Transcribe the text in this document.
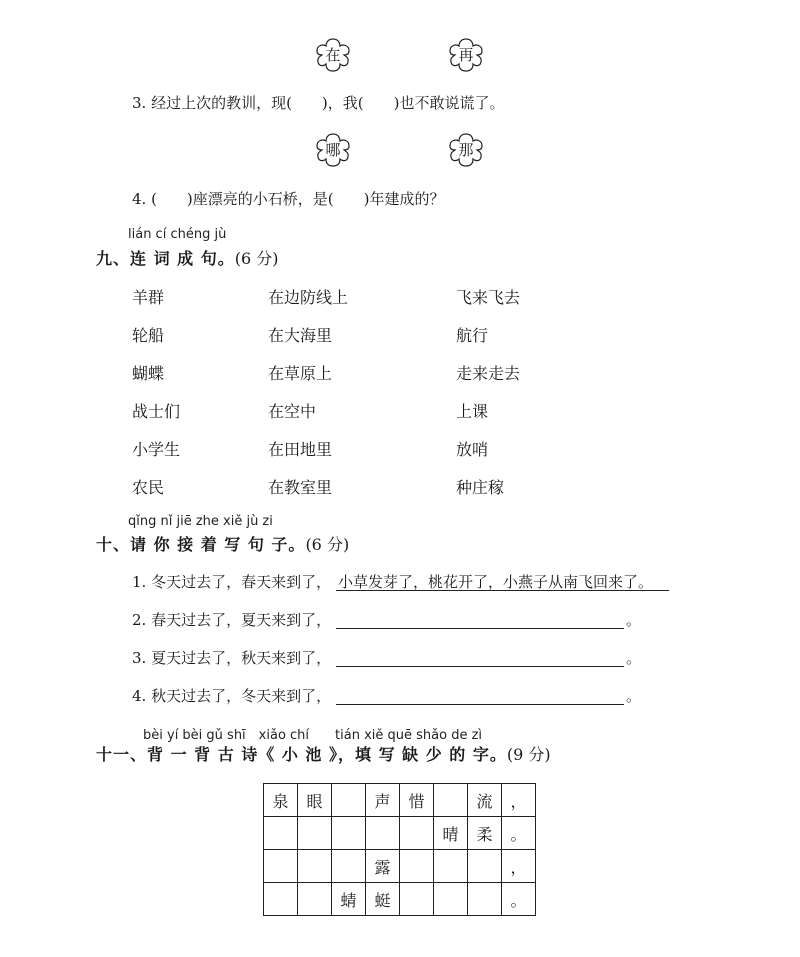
在	再
3. 经过上次的教训，现(　　)，我(　　)也不敢说谎了。
哪	那
4. (　　)座漂亮的小石桥，是(　　)年建成的？
lián cí chéng jù
九、连 词 成 句。(6 分)
羊群	在边防线上	飞来飞去
轮船	在大海里	航行
蝴蝶	在草原上	走来走去
战士们	在空中	上课
小学生	在田地里	放哨
农民	在教室里	种庄稼
qǐng nǐ jiē zhe xiě jù zi
十、请 你 接 着 写 句 子。(6 分)
1. 冬天过去了，春天来到了， 小草发芽了，桃花开了，小燕子从南飞回来了。
2. 春天过去了，夏天来到了，	。
3. 夏天过去了，秋天来到了，	。
4. 秋天过去了，冬天来到了，	。
bèi yí bèi gǔ shī　xiǎo chí　　tián xiě quē shǎo de zì
十一、背 一 背 古 诗《 小 池 》，填 写 缺 少 的 字。(9 分)
泉	眼		声	惜		流	，
					晴	柔	。
			露				，
		蜻	蜓				。
